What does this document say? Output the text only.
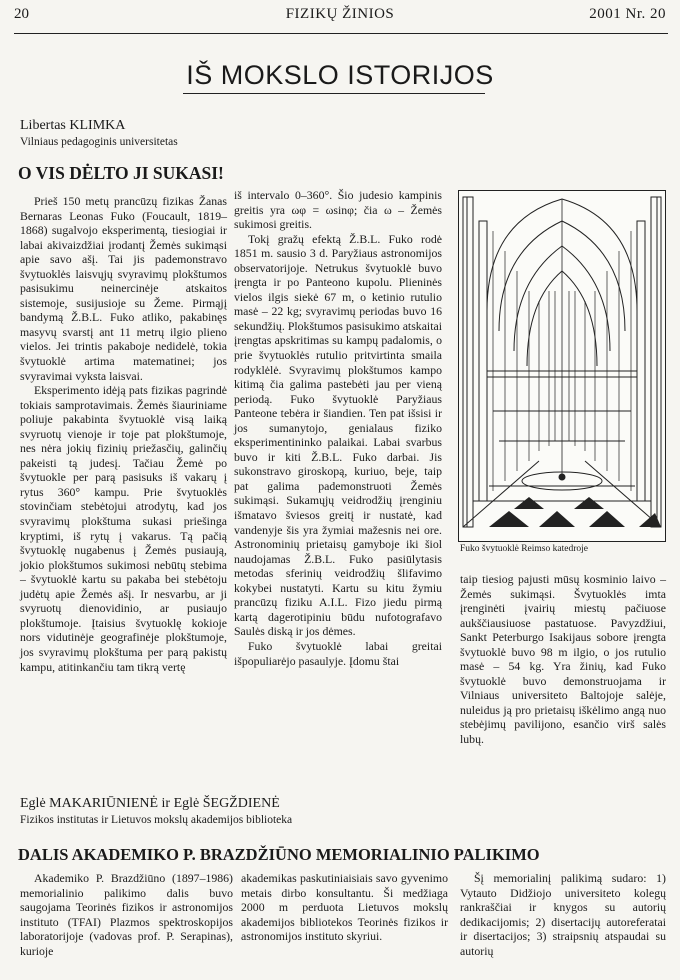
20	FIZIKŲ ŽINIOS	2001 Nr. 20
IŠ MOKSLO ISTORIJOS
Libertas KLIMKA
Vilniaus pedagoginis universitetas
O VIS DĖLTO JI SUKASI!

Prieš 150 metų prancūzų fizikas Žanas Bernaras Leonas Fuko (Foucault, 1819–1868) sugalvojo eksperimentą, tiesiogiai ir labai akivaizdžiai įrodantį Žemės sukimąsi apie savo ašį. Tai jis pademonstravo švytuoklės laisvųjų svyravimų plokštumos pasisukimu neinercinėje atskaitos sistemoje, susijusioje su Žeme. Pirmąjį bandymą Ž.B.L. Fuko atliko, pakabinęs masyvų svarstį ant 11 metrų ilgio plieno vielos. Jei trintis pakaboje nedidelė, tokia švytuoklė artima matematinei; jos svyravimai vyksta laisvai.

Eksperimento idėją pats fizikas pagrindė tokiais samprotavimais. Žemės šiauriniame poliuje pakabinta švytuoklė visą laiką svyruotų vienoje ir toje pat plokštumoje, nes nėra jokių fizinių priežasčių, galinčių pakeisti tą judesį. Tačiau Žemė po švytuokle per parą pasisuks iš vakarų į rytus 360° kampu. Prie švytuoklės stovinčiam stebėtojui atrodytų, kad jos svyravimų plokštuma sukasi priešinga kryptimi, iš rytų į vakarus. Tą pačią švytuoklę nugabenus į Žemės pusiaują, jokio plokštumos sukimosi nebūtų stebima – švytuoklė kartu su pakaba bei stebėtoju judėtų apie Žemės ašį. Ir nesvarbu, ar ji svyruotų dienovidinio, ar pusiaujo plokštumoje. Įtaisius švytuoklę kokioje nors vidutinėje geografinėje plokštumoje, jos svyravimų plokštuma per parą pakistų kampu, atitinkančiu tam tikrą vertę

iš intervalo 0–360°. Šio judesio kampinis greitis yra ωφ = ωsinφ; čia ω – Žemės sukimosi greitis.

Tokį gražų efektą Ž.B.L. Fuko rodė 1851 m. sausio 3 d. Paryžiaus astronomijos observatorijoje. Netrukus švytuoklė buvo įrengta ir po Panteono kupolu. Plieninės vielos ilgis siekė 67 m, o ketinio rutulio masė – 22 kg; svyravimų periodas buvo 16 sekundžių. Plokštumos pasisukimo atskaitai įrengtas apskritimas su kampų padalomis, o prie švytuoklės rutulio pritvirtinta smaila rodyklėlė. Svyravimų plokštumos kampo kitimą čia galima pastebėti jau per vieną periodą. Fuko švytuoklė Paryžiaus Panteone tebėra ir šiandien. Ten pat išsisi ir jos sumanytojo, genialaus fiziko eksperimentininko palaikai. Labai svarbus buvo ir kiti Ž.B.L. Fuko darbai. Jis sukonstravo giroskopą, kuriuo, beje, taip pat galima pademonstruoti Žemės sukimąsi. Sukamųjų veidrodžių įrenginiu išmatavo šviesos greitį ir nustatė, kad vandenyje šis yra žymiai mažesnis nei ore. Astronominių prietaisų gamyboje iki šiol naudojamas Ž.B.L. Fuko pasiūlytasis metodas sferinių veidrodžių šlifavimo kokybei nustatyti. Kartu su kitu žymiu prancūzų fiziku A.I.L. Fizo jiedu pirmą kartą dagerotipiniu būdu nufotografavo Saulės diską ir jos dėmes.

Fuko švytuoklė labai greitai išpopuliarėjo pasaulyje. Įdomu štai

Fuko švytuoklė Reimso katedroje

taip tiesiog pajusti mūsų kosminio laivo – Žemės sukimąsi. Švytuoklės imta įrenginėti įvairių miestų pačiuose aukščiausiuose pastatuose. Pavyzdžiui, Sankt Peterburgo Isakijaus sobore įrengta švytuoklė buvo 98 m ilgio, o jos rutulio masė – 54 kg. Yra žinių, kad Fuko švytuoklė buvo demonstruojama ir Vilniaus universiteto Baltojoje salėje, nuleidus ją pro prietaisų iškėlimo angą nuo stebėjimų pavilijono, esančio virš salės lubų.

Eglė MAKARIŪNIENĖ ir Eglė ŠEGŽDIENĖ
Fizikos institutas ir Lietuvos mokslų akademijos biblioteka
DALIS AKADEMIKO P. BRAZDŽIŪNO MEMORIALINIO PALIKIMO

Akademiko P. Brazdžiūno (1897–1986) memorialinio palikimo dalis buvo saugojama Teorinės fizikos ir astronomijos instituto (TFAI) Plazmos spektroskopijos laboratorijoje (vadovas prof. P. Serapinas), kurioje

akademikas paskutiniaisiais savo gyvenimo metais dirbo konsultantu. Ši medžiaga 2000 m perduota Lietuvos mokslų akademijos bibliotekos Teorinės fizikos ir astronomijos instituto skyriui.

Šį memorialinį palikimą sudaro: 1) Vytauto Didžiojo universiteto kolegų rankraščiai ir knygos su autorių dedikacijomis; 2) disertacijų autoreferatai ir disertacijos; 3) straipsnių atspaudai su autorių
